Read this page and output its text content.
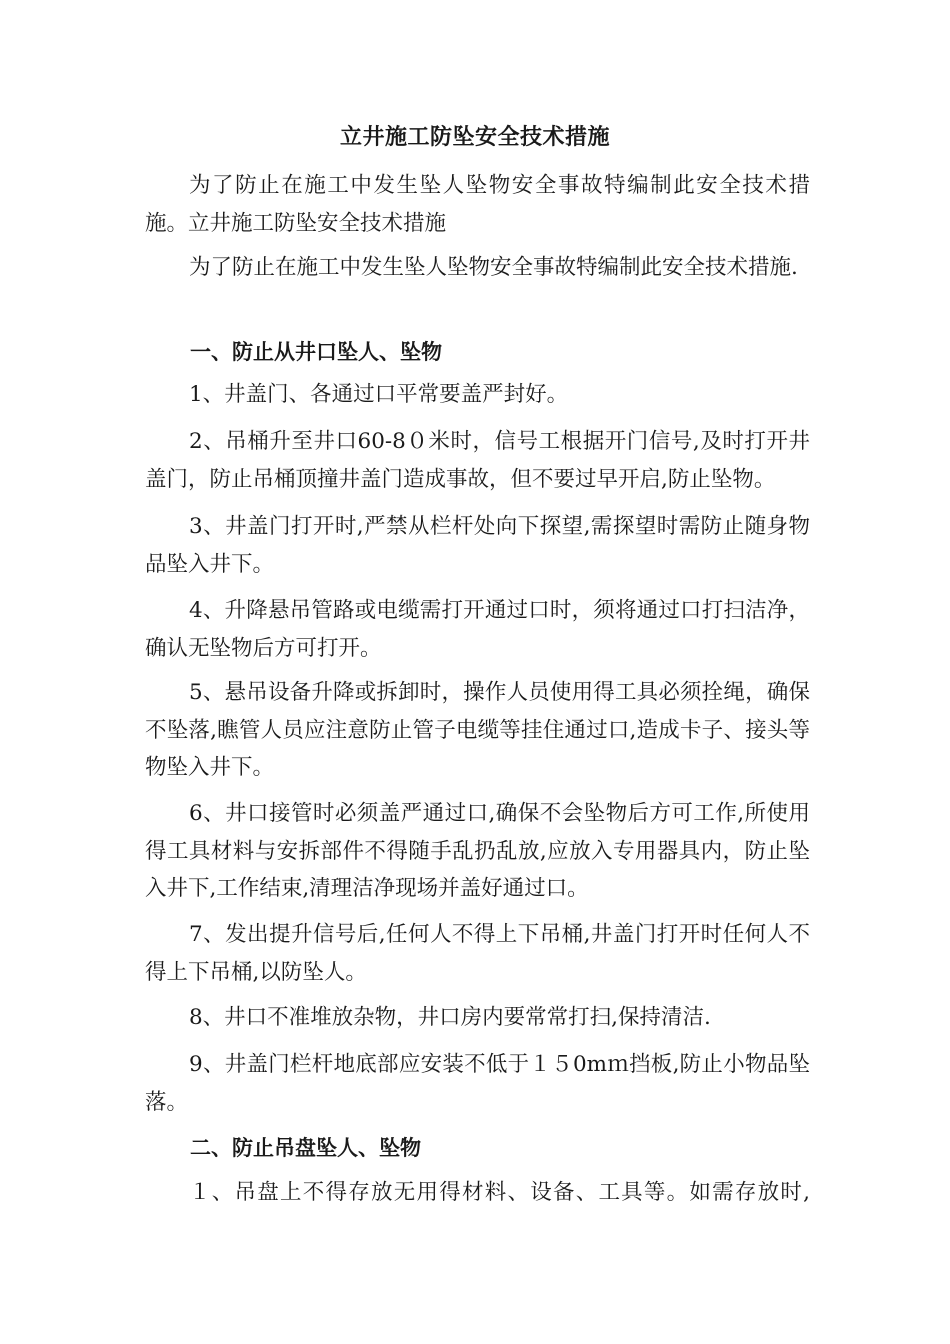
立井施工防坠安全技术措施
为了防止在施工中发生坠人坠物安全事故特编制此安全技术措施。立井施工防坠安全技术措施
为了防止在施工中发生坠人坠物安全事故特编制此安全技术措施.
一、防止从井口坠人、坠物
1、井盖门、各通过口平常要盖严封好。
2、吊桶升至井口60-8０米时，信号工根据开门信号,及时打开井盖门，防止吊桶顶撞井盖门造成事故，但不要过早开启,防止坠物。
3、井盖门打开时,严禁从栏杆处向下探望,需探望时需防止随身物品坠入井下。
4、升降悬吊管路或电缆需打开通过口时，须将通过口打扫洁净，确认无坠物后方可打开。
5、悬吊设备升降或拆卸时，操作人员使用得工具必须拴绳，确保不坠落,瞧管人员应注意防止管子电缆等挂住通过口,造成卡子、接头等物坠入井下。
6、井口接管时必须盖严通过口,确保不会坠物后方可工作,所使用得工具材料与安拆部件不得随手乱扔乱放,应放入专用器具内，防止坠入井下,工作结束,清理洁净现场并盖好通过口。
7、发出提升信号后,任何人不得上下吊桶,井盖门打开时任何人不得上下吊桶,以防坠人。
8、井口不准堆放杂物，井口房内要常常打扫,保持清洁.
9、井盖门栏杆地底部应安装不低于１５0mｍ挡板,防止小物品坠落。
二、防止吊盘坠人、坠物
１、吊盘上不得存放无用得材料、设备、工具等。如需存放时,
